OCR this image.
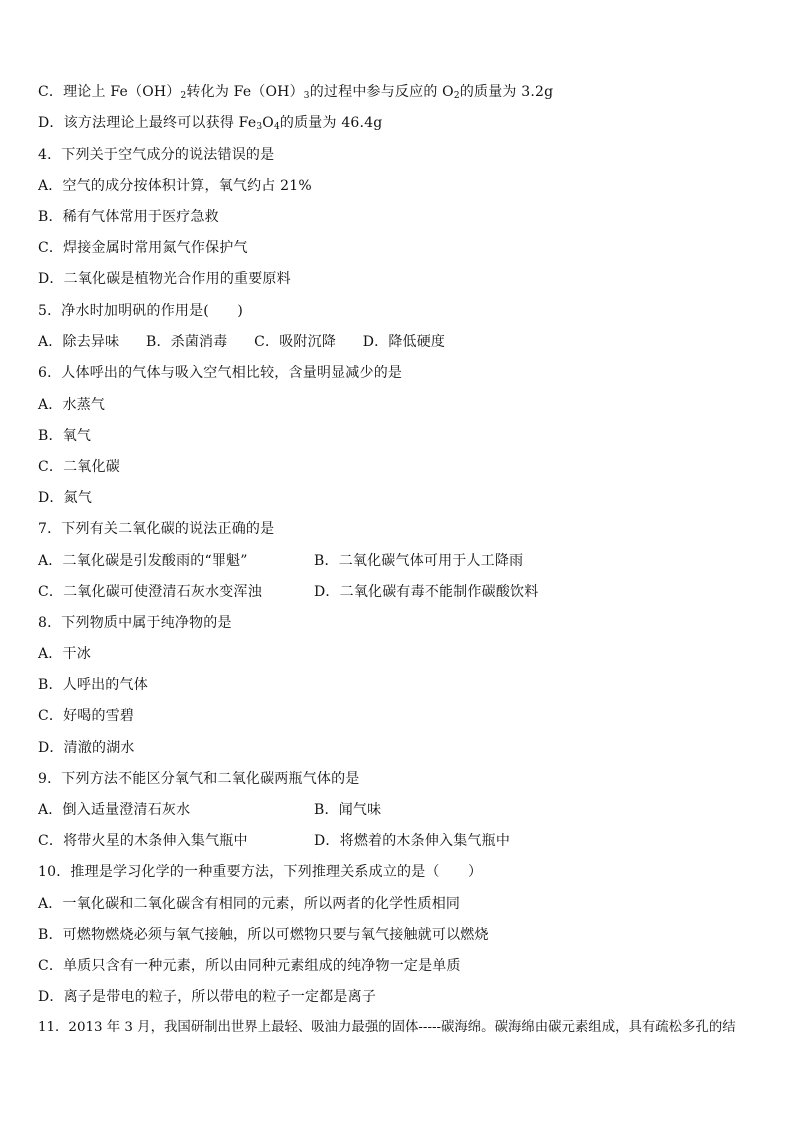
C．理论上 $Fe(OH)_2$转化为 $Fe(OH)_3$的过程中参与反应的 $O_2$的质量为 3.2g
D．该方法理论上最终可以获得 $Fe_3O_4$的质量为 46.4g
4．下列关于空气成分的说法错误的是
A．空气的成分按体积计算，氧气约占 21%
B．稀有气体常用于医疗急救
C．焊接金属时常用氮气作保护气
D．二氧化碳是植物光合作用的重要原料
5．净水时加明矾的作用是(　　)
A．除去异味 B．杀菌消毒 C．吸附沉降 D．降低硬度
6．人体呼出的气体与吸入空气相比较，含量明显减少的是
A．水蒸气
B．氧气
C．二氧化碳
D．氮气
7．下列有关二氧化碳的说法正确的是
A．二氧化碳是引发酸雨的“罪魁”	B．二氧化碳气体可用于人工降雨
C．二氧化碳可使澄清石灰水变浑浊	D．二氧化碳有毒不能制作碳酸饮料
8．下列物质中属于纯净物的是
A．干冰
B．人呼出的气体
C．好喝的雪碧
D．清澈的湖水
9．下列方法不能区分氧气和二氧化碳两瓶气体的是
A．倒入适量澄清石灰水	B．闻气味
C．将带火星的木条伸入集气瓶中	D．将燃着的木条伸入集气瓶中
10．推理是学习化学的一种重要方法，下列推理关系成立的是（　　）
A．一氧化碳和二氧化碳含有相同的元素，所以两者的化学性质相同
B．可燃物燃烧必须与氧气接触，所以可燃物只要与氧气接触就可以燃烧
C．单质只含有一种元素，所以由同种元素组成的纯净物一定是单质
D．离子是带电的粒子，所以带电的粒子一定都是离子
11．2013 年 3 月，我国研制出世界上最轻、吸油力最强的固体-----碳海绵。碳海绵由碳元素组成，具有疏松多孔的结
